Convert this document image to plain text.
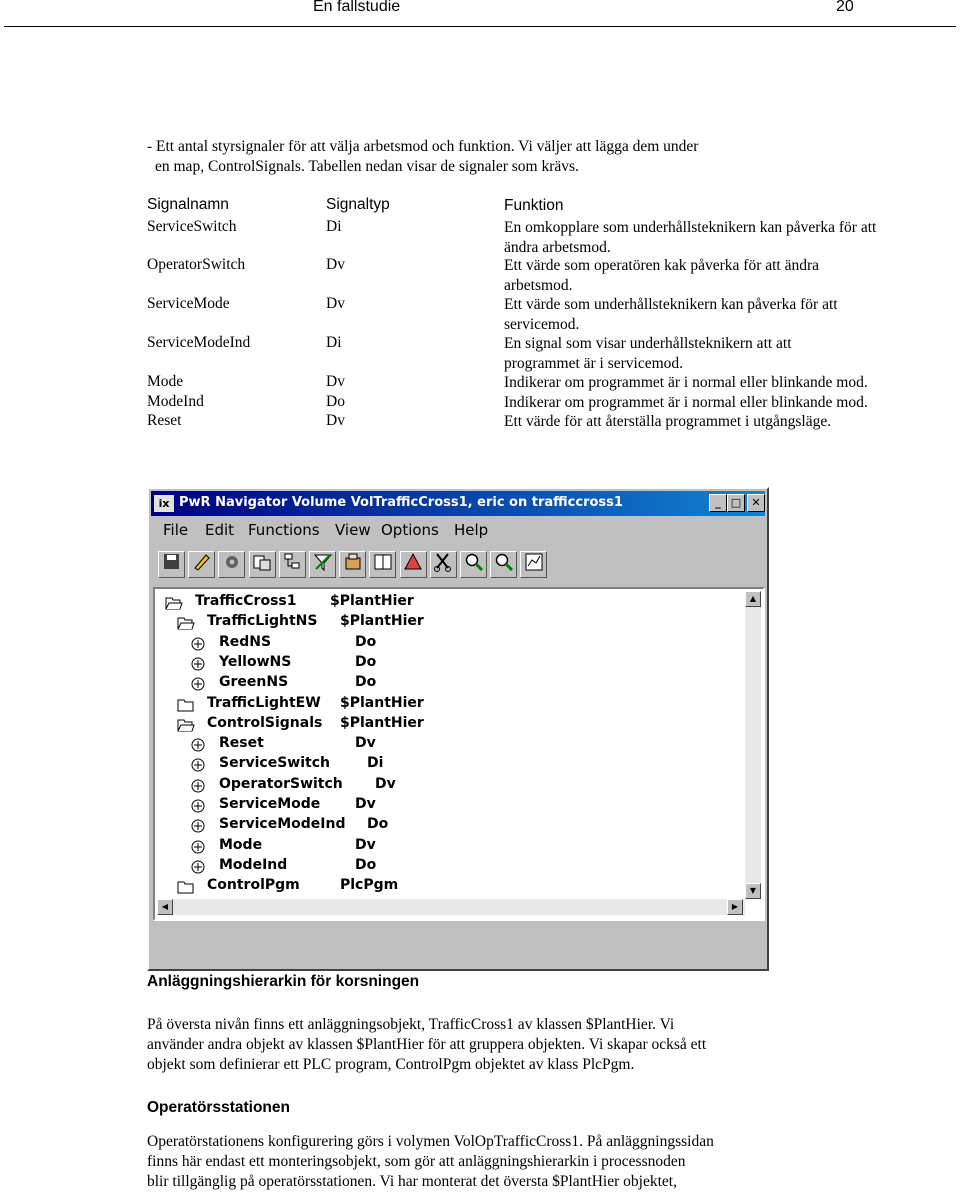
En fallstudie	20
- Ett antal styrsignaler för att välja arbetsmod och funktion. Vi väljer att lägga dem under
en map, ControlSignals. Tabellen nedan visar de signaler som krävs.
Signalnamn	Signaltyp	Funktion
ServiceSwitch	Di	En omkopplare som underhållsteknikern kan påverka för att
ändra arbetsmod.
OperatorSwitch	Dv	Ett värde som operatören kak påverka för att ändra
arbetsmod.
ServiceMode	Dv	Ett värde som underhållsteknikern kan påverka för att
servicemod.
ServiceModeInd	Di	En signal som visar underhållsteknikern att att
programmet är i servicemod.
Mode	Dv	Indikerar om programmet är i normal eller blinkande mod.
ModeInd	Do	Indikerar om programmet är i normal eller blinkande mod.
Reset	Dv	Ett värde för att återställa programmet i utgångsläge.
ix PwR Navigator Volume VolTrafficCross1, eric on trafficcross1	_ □ ✕
File Edit Functions View Options Help
TrafficCross1 $PlantHier
TrafficLightNS $PlantHier
RedNS	Do
YellowNS	Do
GreenNS	Do
TrafficLightEW $PlantHier
ControlSignals $PlantHier
Reset	Dv
ServiceSwitch	Di
OperatorSwitch Dv
ServiceMode Dv
ServiceModeInd Do
Mode	Dv
ModeInd	Do
ControlPgm	PlcPgm
▲
▼
◀	▶
Anläggningshierarkin för korsningen
På översta nivån finns ett anläggningsobjekt, TrafficCross1 av klassen $PlantHier. Vi
använder andra objekt av klassen $PlantHier för att gruppera objekten. Vi skapar också ett
objekt som definierar ett PLC program, ControlPgm objektet av klass PlcPgm.
Operatörsstationen
Operatörstationens konfigurering görs i volymen VolOpTrafficCross1. På anläggningssidan
finns här endast ett monteringsobjekt, som gör att anläggningshierarkin i processnoden
blir tillgänglig på operatörsstationen. Vi har monterat det översta $PlantHier objektet,
